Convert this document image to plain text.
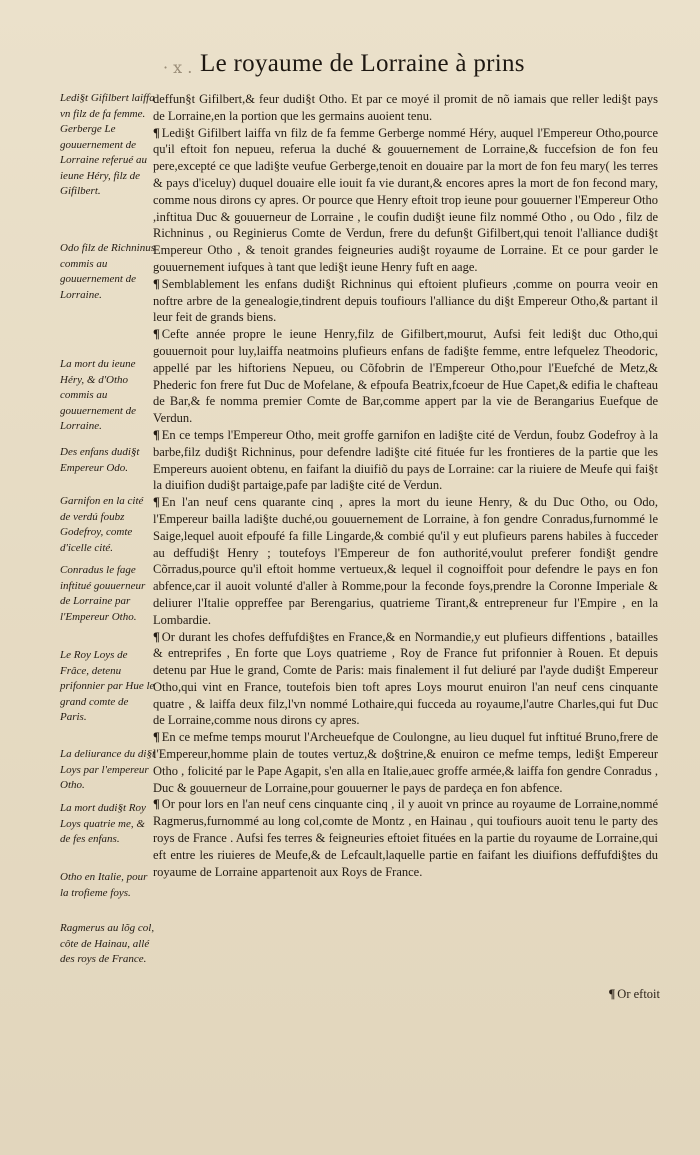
· x . Le royaume de Lorraine à prins
Ledi§t Gifilbert laiffa vn filz de fa femme. Gerberge Le gouuernement de Lorraine referué au ieune Héry, filz de Gifilbert.
Odo filz de Richninus commis au gouuernement de Lorraine.
La mort du ieune Héry, & d'Otho commis au gouuernement de Lorraine.
Des enfans dudi§t Empereur Odo.
Garnifon en la cité de verdú foubz Godefroy, comte d'icelle cité.
Conradus le fage inftitué gouuerneur de Lorraine par l'Empereur Otho.
Le Roy Loys de Frâce, detenu prifonnier par Hue le grand comte de Paris.
La deliurance du di§t Loys par l'empereur Otho.
La mort dudi§t Roy Loys quatrie me, & de fes enfans.
Otho en Italie, pour la trofieme foys.
Ragmerus au lõg col, côte de Hainau, allé des roys de France.

deffun§t Gifilbert,& feur dudi§t Otho. Et par ce moyé il promit de nõ iamais que reller ledi§t pays de Lorraine,en la portion que les germains auoient tenu.

¶ Ledi§t Gifilbert laiffa vn filz de fa femme Gerberge nommé Héry, auquel l'Empereur Otho,pource qu'il eftoit fon nepueu, referua la duché & gouuernement de Lorraine,& fuccefsion de fon feu pere,excepté ce que ladi§te veufue Gerberge,tenoit en douaire par la mort de fon feu mary( les terres & pays d'iceluy) duquel douaire elle iouit fa vie durant,& encores apres la mort de fon fecond mary, comme nous dirons cy apres. Or pource que Henry eftoit trop ieune pour gouuerner l'Empereur Otho ,inftitua Duc & gouuerneur de Lorraine , le coufin dudi§t ieune filz nommé Otho , ou Odo , filz de Richninus , ou Reginierus Comte de Verdun, frere du defun§t Gifilbert,qui tenoit l'alliance dudi§t Empereur Otho , & tenoit grandes feigneuries audi§t royaume de Lorraine. Et ce pour garder le gouuernement iufques à tant que ledi§t ieune Henry fuft en aage.

¶ Semblablement les enfans dudi§t Richninus qui eftoient plufieurs ,comme on pourra veoir en noftre arbre de la genealogie,tindrent depuis toufiours l'alliance du di§t Empereur Otho,& partant il leur feit de grands biens.

¶ Cefte année propre le ieune Henry,filz de Gifilbert,mourut, Aufsi feit ledi§t duc Otho,qui gouuernoit pour luy,laiffa neatmoins plufieurs enfans de fadi§te femme, entre lefquelez Theodoric, appellé par les hiftoriens Nepueu, ou Cõfobrin de l'Empereur Otho,pour l'Euefché de Metz,& Phederic fon frere fut Duc de Mofelane, & efpoufa Beatrix,fcoeur de Hue Capet,& edifia le chafteau de Bar,& fe nomma premier Comte de Bar,comme appert par la vie de Berangarius Euefque de Verdun.

¶ En ce temps l'Empereur Otho, meit groffe garnifon en ladi§te cité de Verdun, foubz Godefroy à la barbe,filz dudi§t Richninus, pour defendre ladi§te cité fituée fur les frontieres de la partie que les Empereurs auoient obtenu, en faifant la diuifiõ du pays de Lorraine: car la riuiere de Meufe qui fai§t la diuifion dudi§t partaige,pafe par ladi§te cité de Verdun.

¶ En l'an neuf cens quarante cinq , apres la mort du ieune Henry, & du Duc Otho, ou Odo, l'Empereur bailla ladi§te duché,ou gouuernement de Lorraine, à fon gendre Conradus,furnommé le Saige,lequel auoit efpoufé fa fille Lingarde,& combié qu'il y eut plufieurs parens habiles à fucceder au deffudi§t Henry ; toutefoys l'Empereur de fon authorité,voulut preferer fondi§t gendre Cõrradus,pource qu'il eftoit homme vertueux,& lequel il cognoiffoit pour defendre le pays en fon abfence,car il auoit volunté d'aller à Romme,pour la feconde foys,prendre la Coronne Imperiale & deliurer l'Italie oppreffee par Berengarius, quatrieme Tirant,& entrepreneur fur l'Empire , en la Lombardie.

¶ Or durant les chofes deffufdi§tes en France,& en Normandie,y eut plufieurs diffentions , batailles & entreprifes , En forte que Loys quatrieme , Roy de France fut prifonnier à Rouen. Et depuis detenu par Hue le grand, Comte de Paris: mais finalement il fut deliuré par l'ayde dudi§t Empereur Otho,qui vint en France, toutefois bien toft apres Loys mourut enuiron l'an neuf cens cinquante quatre , & laiffa deux filz,l'vn nommé Lothaire,qui fucceda au royaume,l'autre Charles,qui fut Duc de Lorraine,comme nous dirons cy apres.

¶ En ce mefme temps mourut l'Archeuefque de Coulongne, au lieu duquel fut inftitué Bruno,frere de l'Empereur,homme plain de toutes vertuz,& do§trine,& enuiron ce mefme temps, ledi§t Empereur Otho , folicité par le Pape Agapit, s'en alla en Italie,auec groffe armée,& laiffa fon gendre Conradus , Duc & gouuerneur de Lorraine,pour gouuerner le pays de pardeça en fon abfence.

¶ Or pour lors en l'an neuf cens cinquante cinq , il y auoit vn prince au royaume de Lorraine,nommé Ragmerus,furnommé au long col,comte de Montz , en Hainau , qui toufiours auoit tenu le party des roys de France . Aufsi fes terres & feigneuries eftoiet fituées en la partie du royaume de Lorraine,qui eft entre les riuieres de Meufe,& de Lefcault,laquelle partie en faifant les diuifions deffufdi§tes du royaume de Lorraine appartenoit aux Roys de France.

¶ Or eftoit
